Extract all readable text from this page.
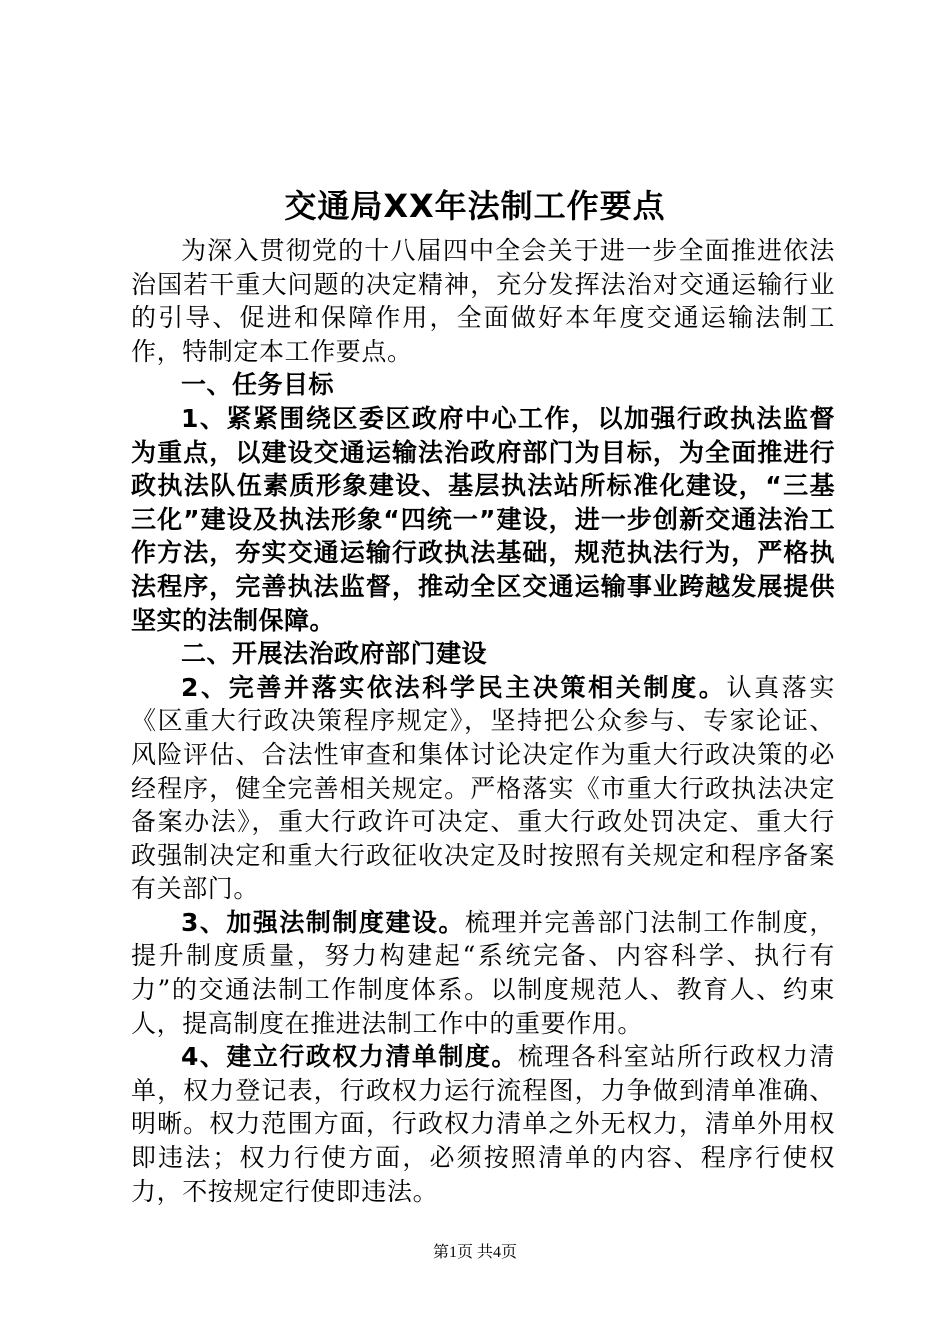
交通局XX年法制工作要点

为深入贯彻党的十八届四中全会关于进一步全面推进依法治国若干重大问题的决定精神，充分发挥法治对交通运输行业的引导、促进和保障作用，全面做好本年度交通运输法制工作，特制定本工作要点。

一、任务目标

1、紧紧围绕区委区政府中心工作，以加强行政执法监督为重点，以建设交通运输法治政府部门为目标，为全面推进行政执法队伍素质形象建设、基层执法站所标准化建设，“三基三化”建设及执法形象“四统一”建设，进一步创新交通法治工作方法，夯实交通运输行政执法基础，规范执法行为，严格执法程序，完善执法监督，推动全区交通运输事业跨越发展提供坚实的法制保障。

二、开展法治政府部门建设

2、完善并落实依法科学民主决策相关制度。认真落实《区重大行政决策程序规定》，坚持把公众参与、专家论证、风险评估、合法性审查和集体讨论决定作为重大行政决策的必经程序，健全完善相关规定。严格落实《市重大行政执法决定备案办法》，重大行政许可决定、重大行政处罚决定、重大行政强制决定和重大行政征收决定及时按照有关规定和程序备案有关部门。

3、加强法制制度建设。梳理并完善部门法制工作制度，提升制度质量，努力构建起“系统完备、内容科学、执行有力”的交通法制工作制度体系。以制度规范人、教育人、约束人，提高制度在推进法制工作中的重要作用。

4、建立行政权力清单制度。梳理各科室站所行政权力清单，权力登记表，行政权力运行流程图，力争做到清单准确、明晰。权力范围方面，行政权力清单之外无权力，清单外用权即违法；权力行使方面，必须按照清单的内容、程序行使权力，不按规定行使即违法。

第1页 共4页
